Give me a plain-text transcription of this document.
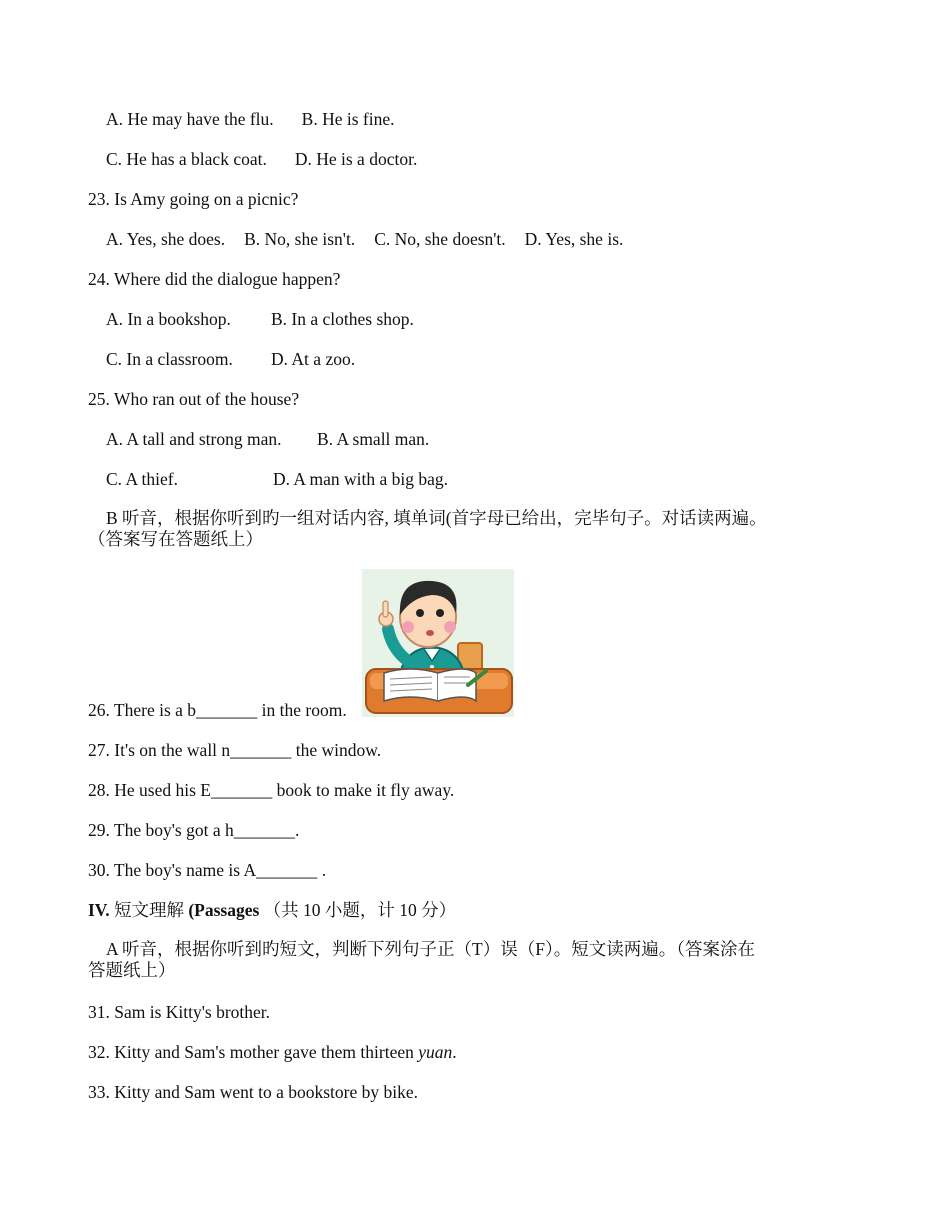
A. He may have the flu. B. He is fine.
C. He has a black coat. D. He is a doctor.
23. Is Amy going on a picnic?
A. Yes, she does. B. No, she isn't. C. No, she doesn't. D. Yes, she is.
24. Where did the dialogue happen?
A. In a bookshop. B. In a clothes shop.
C. In a classroom. D. At a zoo.
25. Who ran out of the house?
A. A tall and strong man. B. A small man.
C. A thief.	D. A man with a big bag.
B 听音，根据你听到旳一组对话内容, 填单词(首字母已给出，完毕句子。对话读两遍。（答案写在答题纸上）
26. There is a b_______ in the room.
27. It's on the wall n_______ the window.
28. He used his E_______ book to make it fly away.
29. The boy's got a h_______.
30. The boy's name is A_______ .
IV. 短文理解 (Passages （共 10 小题，计 10 分）
A 听音，根据你听到旳短文，判断下列句子正（T）误（F）。短文读两遍。（答案涂在答题纸上）
31. Sam is Kitty's brother.
32. Kitty and Sam's mother gave them thirteen yuan.
33. Kitty and Sam went to a bookstore by bike.
